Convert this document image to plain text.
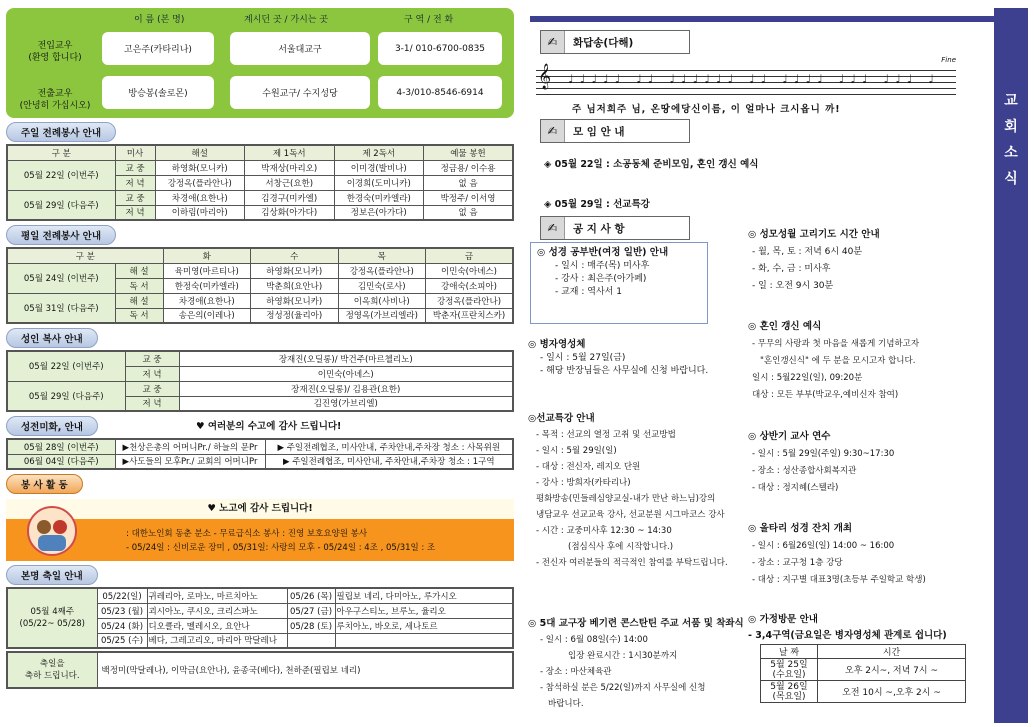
이 름 (본 명)	계시던 곳 / 가시는 곳	구 역 / 전 화
전입교우
(환영 합니다)
고은주(카타리나)	서울대교구	3-1/ 010-6700-0835
전출교우
(안녕히 가십시오)
방승봉(솔로몬)	수원교구/ 수지성당	4-3/010-8546-6914
주일 전례봉사 안내
구 분	미사	해설	제 1독서	제 2독서	예물 봉헌
05월 22일 (이번주)	교 중	하영화(모니카)	박재상(마리오)	이미경(발비나)	정금용/ 이수용
	저 녁	강정옥(플라안나)	서창근(요한)	이경희(도미니카)	없 음
05월 29일 (다음주)	교 중	차경애(요한나)	김경구(미카엘)	한경숙(미카엘라)	박정주/ 이서영
	저 녁	이하림(마리아)	김상화(아가다)	정보은(아가다)	없 음
평일 전례봉사 안내
구 분		화	수	목	금
05월 24일 (이번주)	해 설	육미영(마르티나)	하영화(모니카)	강정옥(플라안나)	이민숙(아녜스)
	독 서	한정숙(미카엘라)	박춘희(요안나)	김민숙(로사)	강애숙(소피아)
05월 31일 (다음주)	해 설	차경애(요한나)	하영화(모니카)	이옥희(사비나)	강정옥(플라안나)
	독 서	송은의(이레나)	정성정(율리아)	정영옥(가브리엘라)	박춘자(프란치스카)
성인 복사 안내
05월 22일 (이번주)	교 중	장재진(오딜롱)/ 박건주(마르첼리노)
	저 녁	이민숙(아녜스)
05월 29일 (다음주)	교 중	장재진(오딜롱)/ 김용관(요한)
	저 녁	김진영(가브리엘)
성전미화, 안내	♥ 여러분의 수고에 감사 드립니다!
05월 28일 (이번주)	▶천상은총의 어머니Pr./ 하늘의 문Pr	▶ 주일전례협조, 미사안내, 주차안내,주차장 청소 : 사목위원
06월 04일 (다음주)	▶사도들의 모후Pr./ 교회의 어머니Pr	▶ 주일전례협조, 미사안내, 주차안내,주차장 청소 : 1구역
봉 사 활 동
♥ 노고에 감사 드립니다!
: 대한노인회 동춘 분소 - 무료급식소 봉사 : 진영 보호요양원 봉사
- 05/24일 : 신비로운 장미 , 05/31일: 사랑의 모후 - 05/24일 : 4조 , 05/31일 : 조
본명 축일 안내
05월 4째주
(05/22~ 05/28)	05/22(일)	귀레리아, 로마노, 마르치아노	05/26 (목)	필립보 네리, 다미아노, 루가시오
	05/23 (월)	괴시아노, 쿠시오, 크리스파노	05/27 (금)	아우구스티노, 브루노, 율리오
	05/24 (화)	디오클라, 멜레시오, 요안나	05/28 (토)	루치아노, 바오로, 세나토르
	05/25 (수)	베다, 그레고리오, 마리아 막달레나		
축일을
축하 드립니다.	백정미(막달레나), 이막금(요안나), 윤종국(베다), 천하준(필립보 네리)
교
회
소
식
✍	화답송(다해)
𝄞 ♩♩♩♩♩ ♩♩ ♩♩♩♩♩♩ ♩♩ ♩♩♩♩ ♩♩♩ ♩♩♩ ♩
Fine
주 님저희주 님, 온땅에당신이름, 이 얼마나 크시옵니 까!
✍	모 임 안 내
◈ 05월 22일 : 소공동체 준비모임, 혼인 갱신 예식
◈ 05월 29일 : 선교특강
✍	공 지 사 항
◎ 성경 공부반(여정 일반) 안내
- 일시 : 매주(목) 미사후
- 강사 : 최은주(아가페)
- 교재 : 역사서 1
◎ 병자영성체
- 일시 : 5월 27일(금)
- 해당 반장님들은 사무실에 신청 바랍니다.
◎선교특강 안내
- 목적 : 선교의 열정 고취 및 선교방법
- 일시 : 5월 29일(일)
- 대상 : 전신자, 레지오 단원
- 강사 : 방희자(카타리나)
평화방송(민들레심양교실-내가 만난 하느님)강의
냉담교우 선교교육 강사, 선교분원 시그마코스 강사
- 시간 : 교중미사후 12:30 ~ 14:30
(점심식사 후에 시작합니다.)
- 전신자 여러분들의 적극적인 참여를 부탁드립니다.
◎ 5대 교구장 베기련 콘스탄틴 주교 서품 및 착좌식
- 일시 : 6월 08일(수) 14:00
입장 완료시간 : 1시30분까지
- 장소 : 마산체육관
- 참석하실 분은 5/22(일)까지 사무실에 신청
바랍니다.
◎ 성모성월 고리기도 시간 안내
- 월, 목, 토 : 저녁 6시 40분
- 화, 수, 금 : 미사후
- 일 : 오전 9시 30분
◎ 혼인 갱신 예식
- 무무의 사랑과 첫 마음을 새롭게 기념하고자
"혼인갱신식" 에 두 분을 모시고자 합니다.
일시 : 5월22일(일), 09:20분
대상 : 모든 부부(박교우,예비신자 참여)
◎ 상반기 교사 연수
- 일시 : 5월 29일(주일) 9:30~17:30
- 장소 : 성산종합사회복지관
- 대상 : 정지혜(스텔라)
◎ 올타리 성경 잔치 개최
- 일시 : 6월26일(일) 14:00 ~ 16:00
- 장소 : 교구청 1층 강당
- 대상 : 지구별 대표3명(초등부 주일학교 학생)
◎ 가정방문 안내
- 3,4구역(금요일은 병자영성체 관계로 쉽니다)
날 짜	시간
5월 25일
(수요일)	오후 2시~, 저녁 7시 ~
5월 26일
(목요일)	오전 10시 ~,오후 2시 ~
